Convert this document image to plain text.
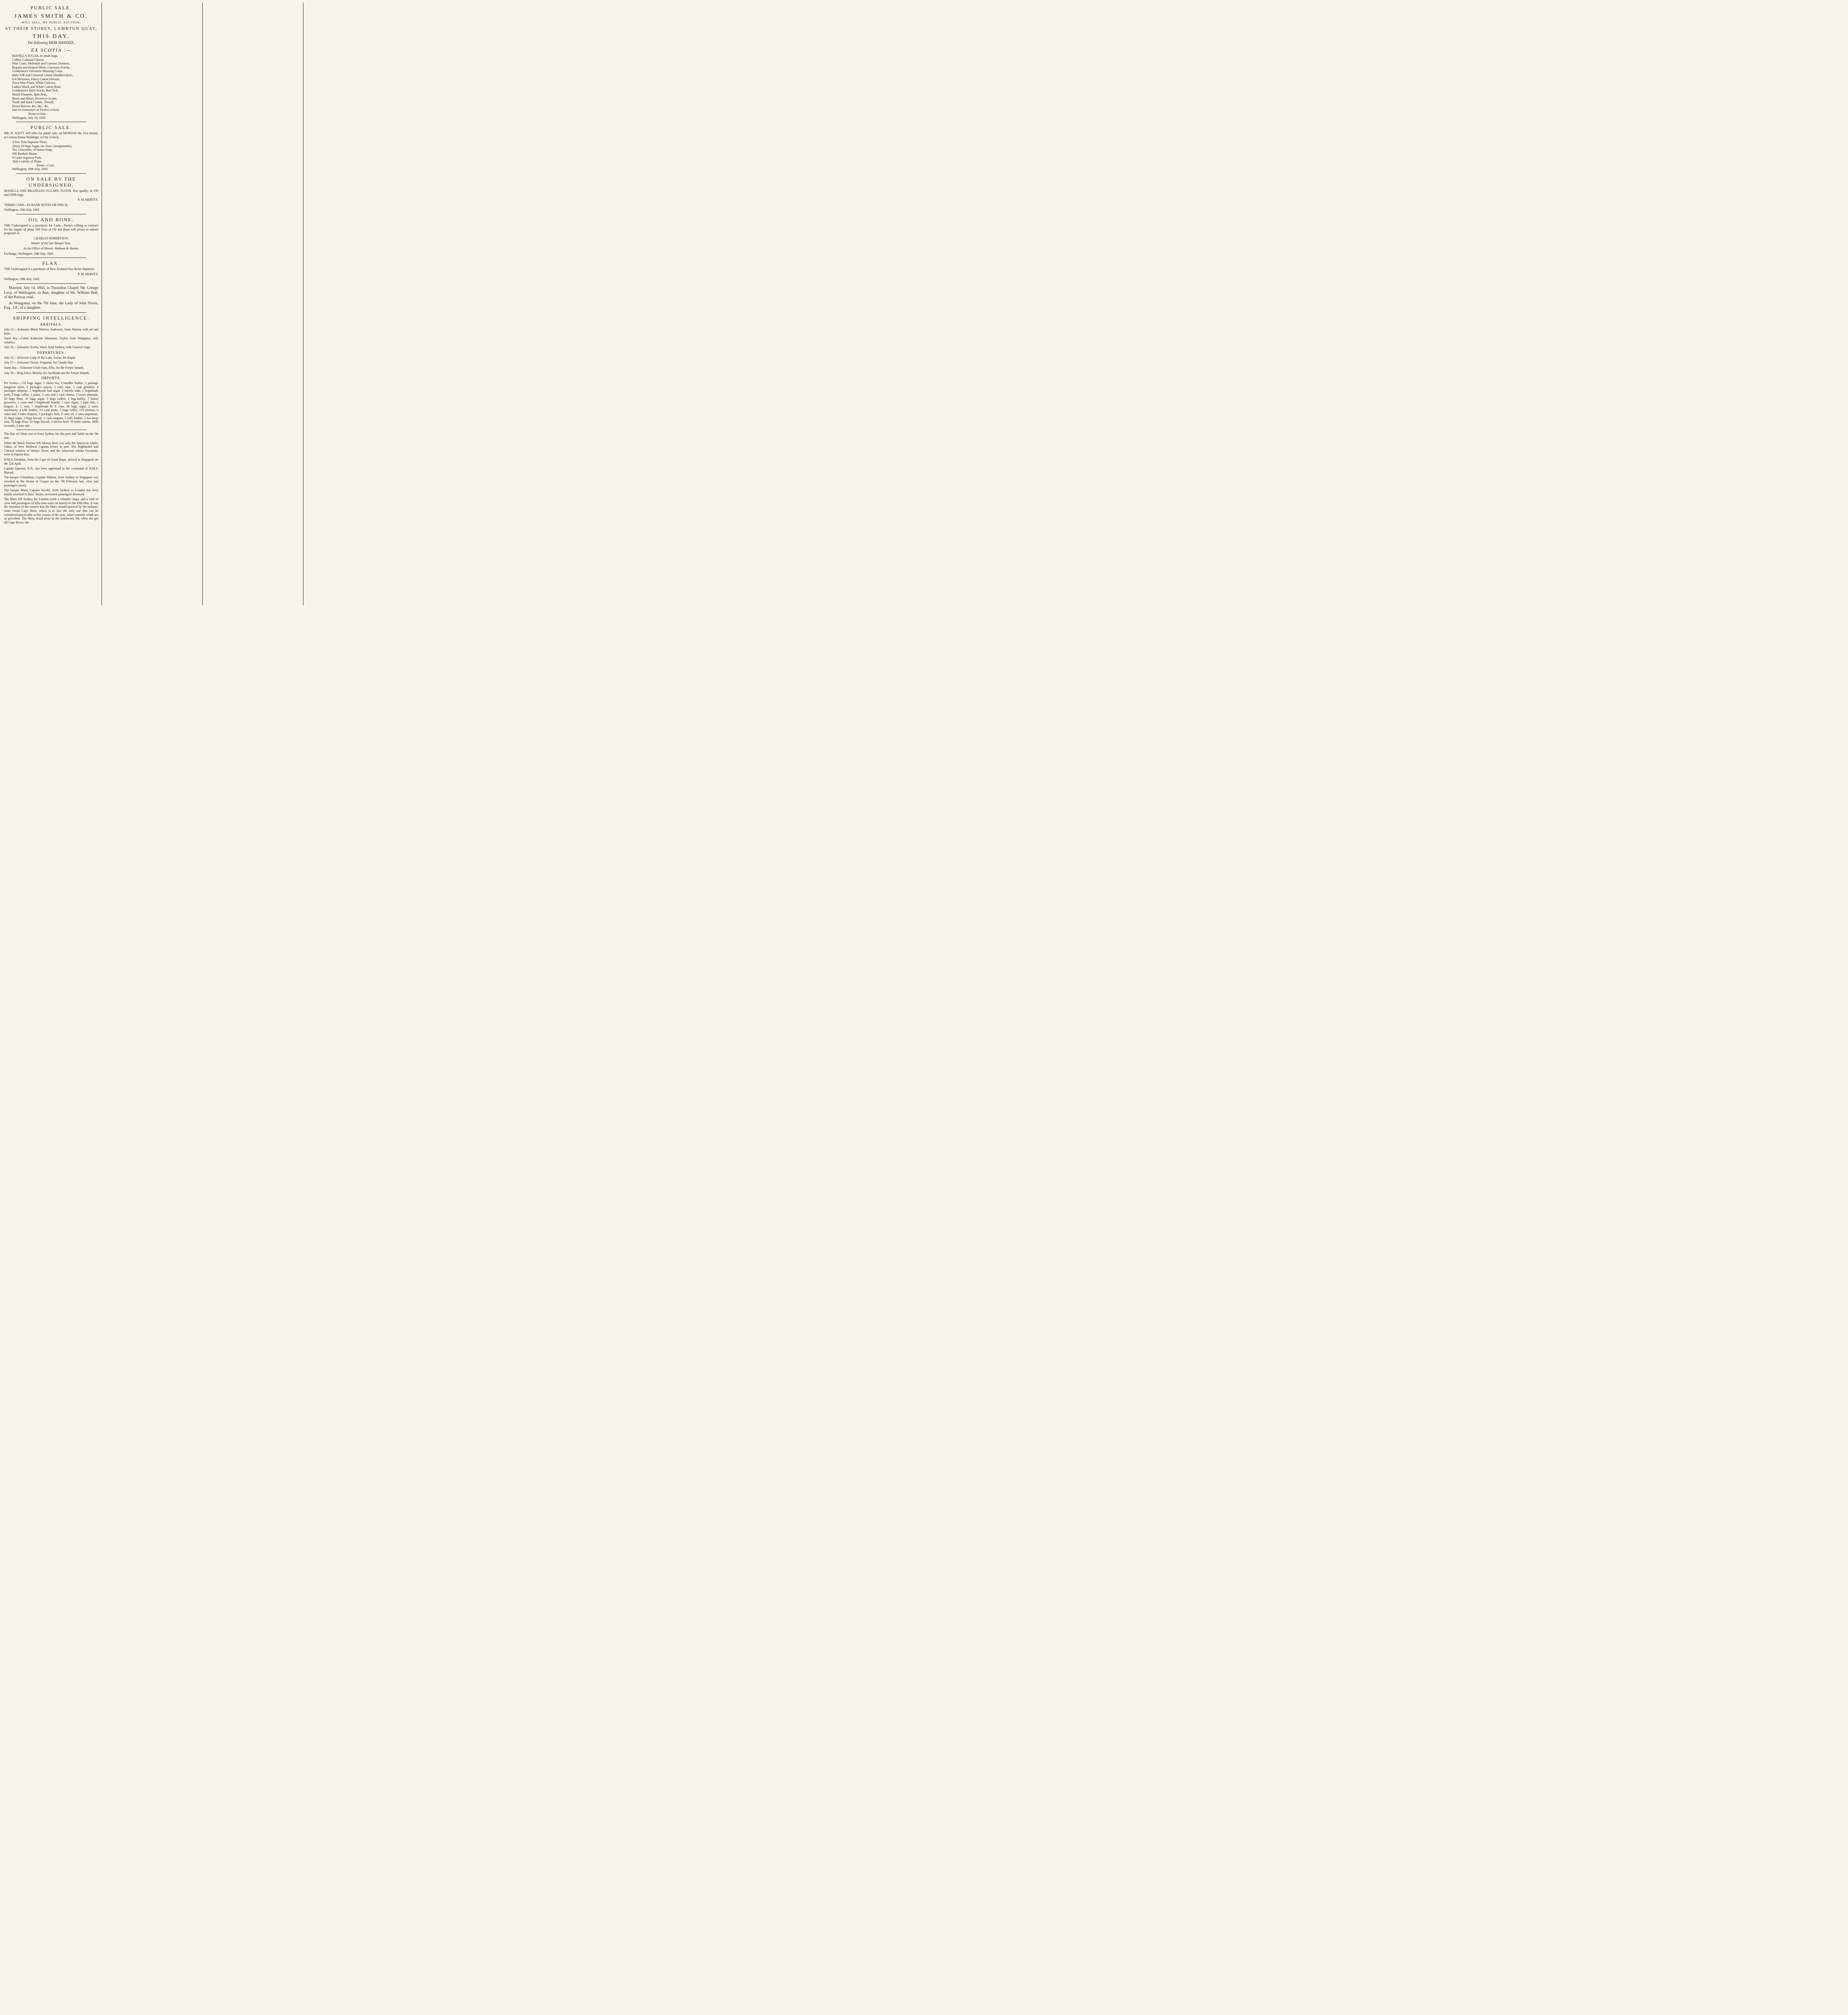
PUBLIC SALE.
JAMES SMITH & CO.
WILL SELL, BY PUBLIC AUCTION,
AT THEIR STORES, LAMBTON QUAY,
THIS DAY,
The following MERCHANDIZE,
EX SCOTIA :—

MANILLA SUGAR, in small bags,

Coffee, Colonial Cheese,

Pilot Coats, Moleskin and Canvass Trousers,

Regatta and Striped Shirts, Guernsey Frocks,

Gentlemen's Velveteen Shooting Coats,

India Silk and Coloured Cotton Handkerchiefs,

6-4 Merinoes, Fancy Cotton Dresses,

Navy-blue Prints, White Calicoes,

Ladies' Black and White Cotton Hose,

Gentlemen's Satin Scarfs, Bed Tick,

Welch Flannels, Split Peas,

Boots and Shoes, Preserves in jars,

Tooth and Rack Combs, Thread,

Dover Knives, &c., &c., &c.

Sale to commence at Twelve o'clock.

Terms at Sale.

Wellington, July 19, 1845.

PUBLIC SALE.

MR. R. WAITT will offer for public sale, on MONDAY the 21st instant, at Custom-house Buildings, at One o'clock,

A few Tons Superior Flour,

About 20 bags Sugar, (to close consignments),

Tea, Chocolate, 10 boxes Soap,

200 Bushels Maize,

8 Casks Superior Pork,

And a variety of Slops.

Terms—Cash.

Wellington, 19th July, 1845.

ON SALE BY THE UNDERSIGNED,

MANILLA AND BRAZILIAN SUGARS; FLOUR, first quality, in 100 and 200lb bags.

P. M. HERVEY.

TERMS CASH—IN BANK NOTES OR SPECIE.

Wellington, 19th July, 1845.

OIL AND BONE.

THE Undersigned is a purchaser for Cash.—Parties willing to contract for the supply of about 200 Tons of Oil and Bone will please to submit proposals to

CHARLES ROBERTSON,

Master of the late Barque Tyne,

At the Office of Messrs. Bethune & Hunter.

Exchange, Wellington, 19th July, 1845.

FLAX.

THE Undersigned is a purchaser of New Zealand Flax fit for shipment.

P. M. HERVEY.

Wellington, 19th July, 1845.

Married, July 14, 1845, in Thorndon Chapel, Mr. George Levy, of Wellington, to Ann, daughter of Mr. William Bell, of the Porirua road.

At Wanganui, on the 7th June, the Lady of John Nixon, Esq., J.P., of a daughter.

SHIPPING INTELLIGENCE.
ARRIVALS.

July 15.—Schooner Black Warrior, Anderson, from Akaroa, with oil and bone.

Same day.—Cutter Katherine Johnstone, Taylor, from Wanganui, with sundries.

July 16.—Schooner Scotia, Ward, from Sydney, with General cargo.

DEPARTURES.

July 12.—Schooner Lady of the Lake, Axton, for Kapiti.

July 17.—Schooner Ocean, Ferguson, for Cloudy Bay.

Same day.—Schooner Uncle Sam, Ellis, for the Feejee Islands.

July 18.—Brig Falco, Mosely, for Auckland and the Feejee Islands.

IMPORTS.

Per Scotia:—112 bags sugar, 5 chests tea, 3 bundles leather, 1 package kangaroo skins, 8 packages sauces, 3 coils rope, 1 cask grindery, 4 packages saltpetre, 2 hogsheads loaf sugar, 2 barrels soda, 5 hogsheads pork, 5 bags coffee, 1 piano, 1 case and 1 cask cheese, 2 boxes almonds, 20 bags flour, 10 bags sugar, 3 bags coffee, 1 bag barley, 7 boxes groceries, 2 cases and 3 hogsheads brandy, 1 case cigars, 1 pipe rum, 1 leaguer, E. I. rum, 7 hogsheads B. P. rum, 40 bags sugar, 2 cases machinery, 4 rolls leather, 1½ cask pears, 5 bags coffee, 119 cheeses, 6 cases and 2 bales drapery, 5 packages fruit, 6 cans oil, 2 cans turpentine, 15 bags sugar, 3 bags biscuit, 1 cask tongues, 5 rolls leather, 1 ton hoop iron, 55 bags flour, 25 bags biscuit, 3 tierces beef, 10 bolts canvas, 1800 treenails, 2 tons salt.

The Star of China was to leave Sydney for this port and Tahiti on the 5th inst.

When the Black Warrior left Akaroa there was only the American whaler China, of New Bedford, Captain Porter in port. The Highlander and Cheviot whalers of Hobart Town, and the American whaler Favourite, were in Pigeon Bay.

H.M.S. Dædalus, from the Cape of Good Hope, arrived at Singapore on the 22d April.

Captain Egerton, R.N., has been appointed to the command of H.M.S. Hazard.

The barque Columbian, Captain Wakem, from Sydney to Singapore was wrecked in the Straits of Gaspar on the 7th February last, crew and passengers saved.

The barque Mary, Captain Newby, from Sydney to London has been totally wrecked in Bass' Straits, seventeen passengers drowned.

The Mary left Sydney for London (with a valuable cargo, and a total of crew and passengers of fifty-nine souls on board) on the 19th May. It was the intention of the owners that the Mary should proceed by the ordinary route round Cape Horn, which is in fact the only one that can be considered practicable at this season of the year, when westerly winds are so prevalent. The Mary stood away to the southward, but when she got off Cape Howe, the
